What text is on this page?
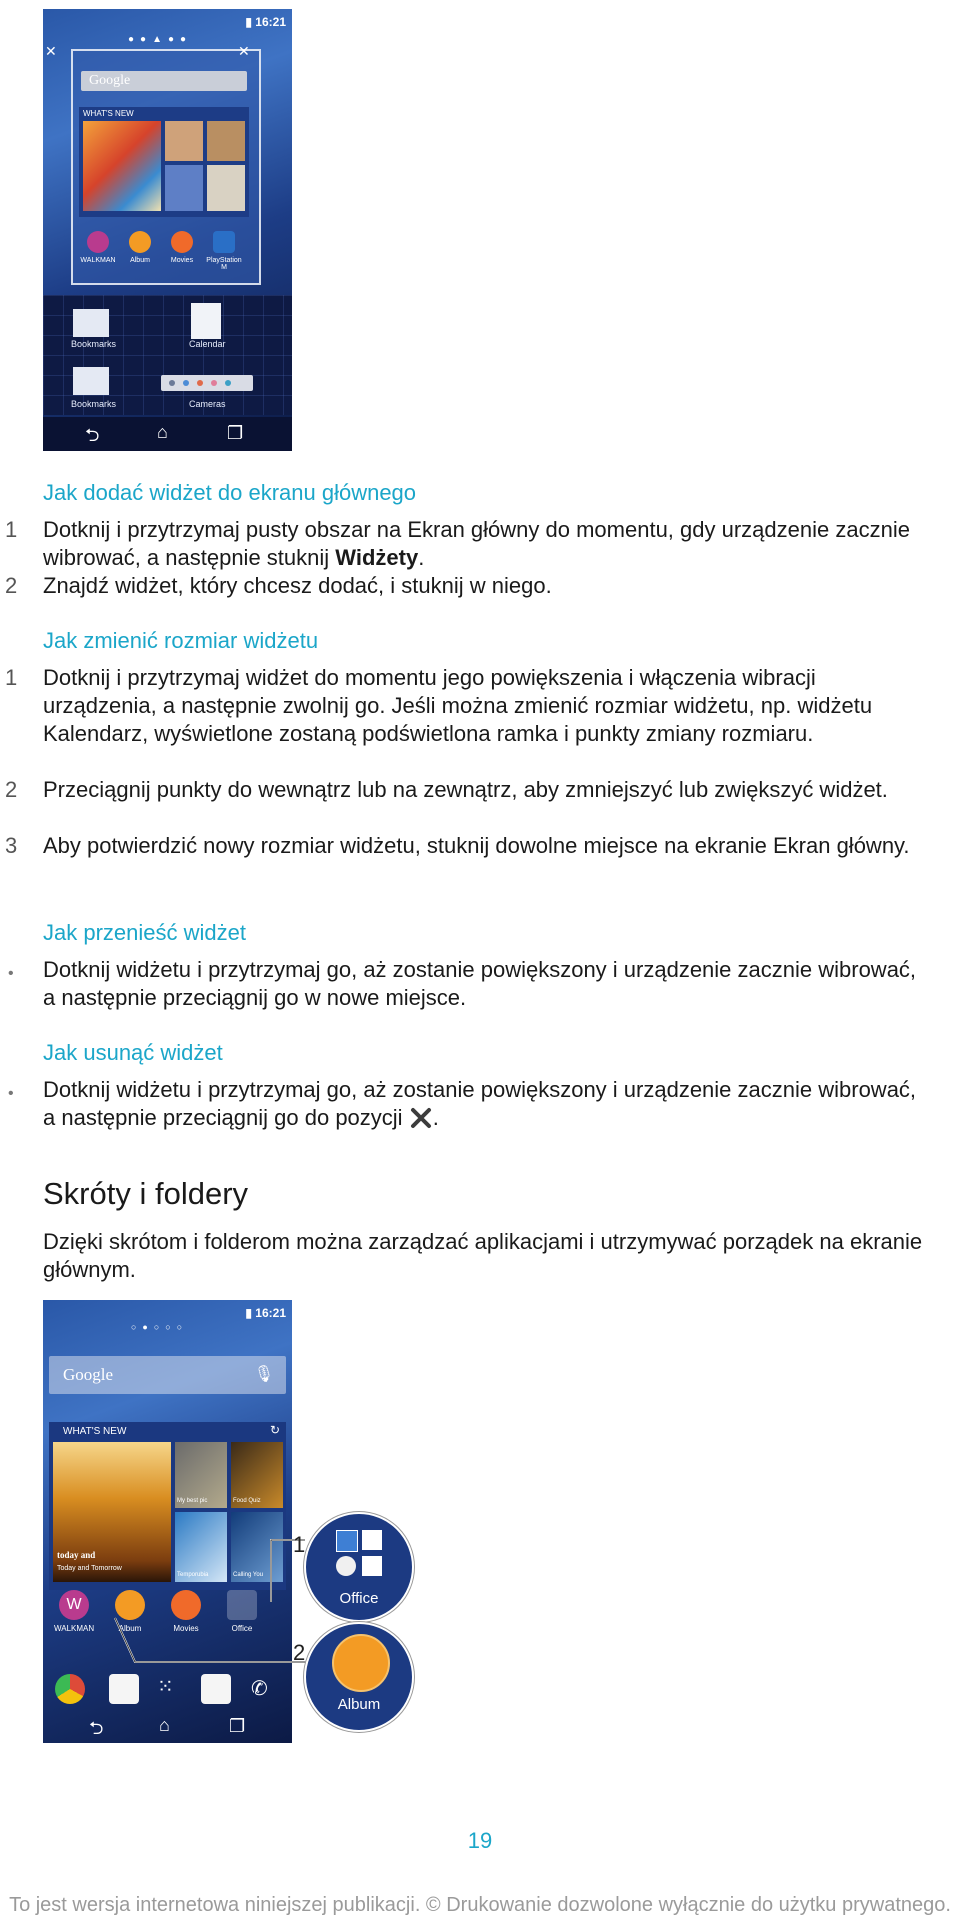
▮ 16:21
●●▲●●
Google
WHAT'S NEW
WALKMAN	Album	Movies	PlayStation M
✕
✕
Bookmarks	Calendar
Bookmarks	Cameras
⮌	⌂	❐
Jak dodać widżet do ekranu głównego
1 Dotknij i przytrzymaj pusty obszar na Ekran główny do momentu, gdy urządzenie zacznie wibrować, a następnie stuknij Widżety.
2 Znajdź widżet, który chcesz dodać, i stuknij w niego.
Jak zmienić rozmiar widżetu
1 Dotknij i przytrzymaj widżet do momentu jego powiększenia i włączenia wibracji urządzenia, a następnie zwolnij go. Jeśli można zmienić rozmiar widżetu, np. widżetu Kalendarz, wyświetlone zostaną podświetlona ramka i punkty zmiany rozmiaru.
2 Przeciągnij punkty do wewnątrz lub na zewnątrz, aby zmniejszyć lub zwiększyć widżet.
3 Aby potwierdzić nowy rozmiar widżetu, stuknij dowolne miejsce na ekranie Ekran główny.
Jak przenieść widżet
• Dotknij widżetu i przytrzymaj go, aż zostanie powiększony i urządzenie zacznie wibrować, a następnie przeciągnij go w nowe miejsce.
Jak usunąć widżet
• Dotknij widżetu i przytrzymaj go, aż zostanie powiększony i urządzenie zacznie wibrować, a następnie przeciągnij go do pozycji .
Skróty i foldery
Dzięki skrótom i folderom można zarządzać aplikacjami i utrzymywać porządek na ekranie głównym.
▮ 16:21
○●○○○
Google	🎙
WHAT'S NEW	↻
today and
Today and Tomorrow
My best pic	Food Quiz
Temporubia	Calling You
W
WALKMAN	Album	Movies	Office
⁙	✆
⮌	⌂	❐
1
2
Office
Album
19
To jest wersja internetowa niniejszej publikacji. © Drukowanie dozwolone wyłącznie do użytku prywatnego.
